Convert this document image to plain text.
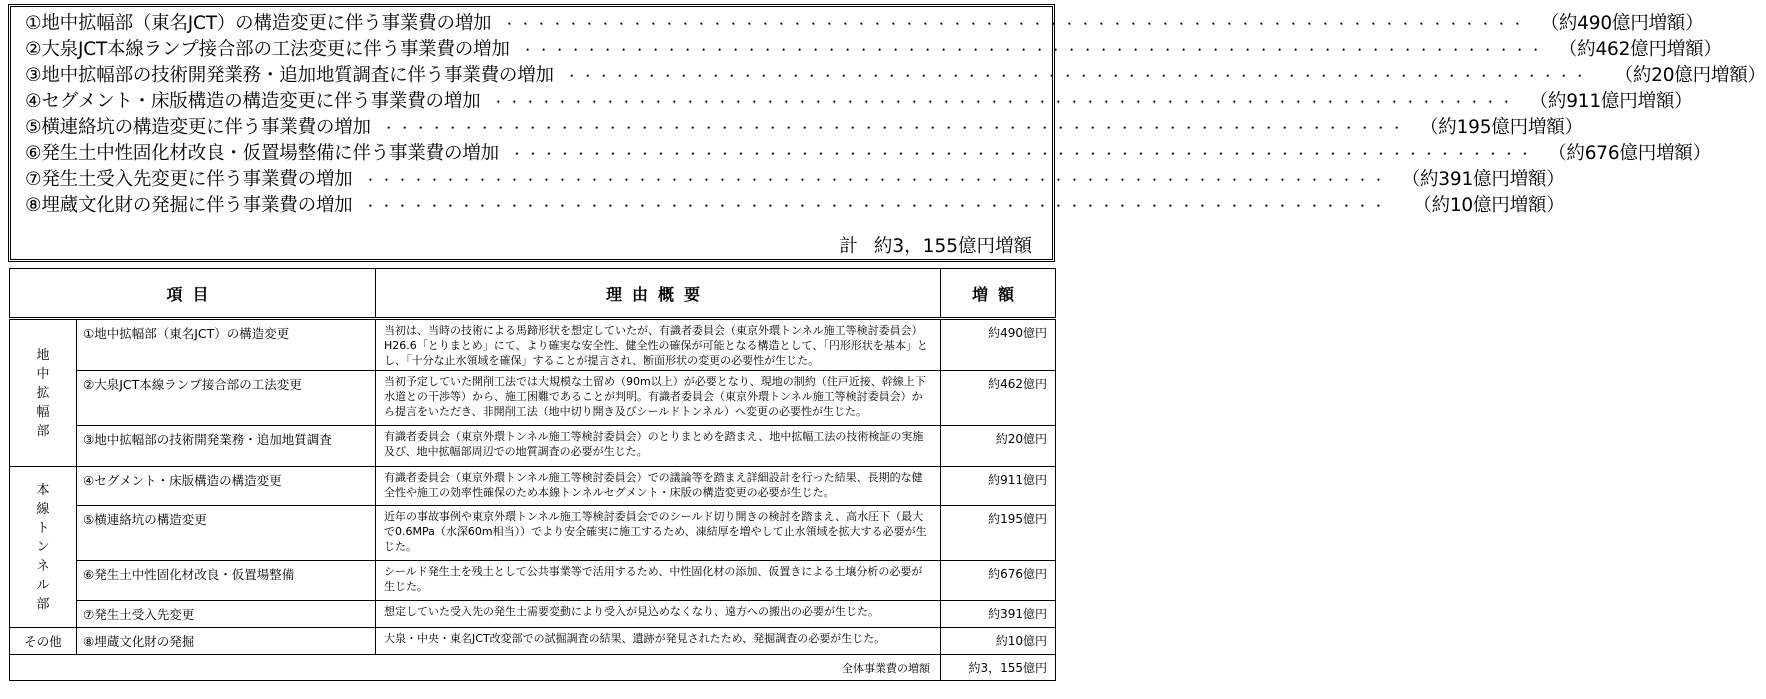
①地中拡幅部（東名JCT）の構造変更に伴う事業費の増加 ・・・・・・・・・・・・・・・・・・・・・・・・・・・・・・・・・・・・・・・・・・・・・・・・・・・・・・・・・・・・・・・・ （約490億円増額）
②大泉JCT本線ランプ接合部の工法変更に伴う事業費の増加 ・・・・・・・・・・・・・・・・・・・・・・・・・・・・・・・・・・・・・・・・・・・・・・・・・・・・・・・・・・・・・・・・ （約462億円増額）
③地中拡幅部の技術開発業務・追加地質調査に伴う事業費の増加 ・・・・・・・・・・・・・・・・・・・・・・・・・・・・・・・・・・・・・・・・・・・・・・・・・・・・・・・・・・・・・・・・	（約20億円増額）
④セグメント・床版構造の構造変更に伴う事業費の増加 ・・・・・・・・・・・・・・・・・・・・・・・・・・・・・・・・・・・・・・・・・・・・・・・・・・・・・・・・・・・・・・・・ （約911億円増額）
⑤横連絡坑の構造変更に伴う事業費の増加 ・・・・・・・・・・・・・・・・・・・・・・・・・・・・・・・・・・・・・・・・・・・・・・・・・・・・・・・・・・・・・・・・ （約195億円増額）
⑥発生土中性固化材改良・仮置場整備に伴う事業費の増加 ・・・・・・・・・・・・・・・・・・・・・・・・・・・・・・・・・・・・・・・・・・・・・・・・・・・・・・・・・・・・・・・・ （約676億円増額）
⑦発生土受入先変更に伴う事業費の増加 ・・・・・・・・・・・・・・・・・・・・・・・・・・・・・・・・・・・・・・・・・・・・・・・・・・・・・・・・・・・・・・・・ （約391億円増額）
⑧埋蔵文化財の発掘に伴う事業費の増加 ・・・・・・・・・・・・・・・・・・・・・・・・・・・・・・・・・・・・・・・・・・・・・・・・・・・・・・・・・・・・・・・・	（約10億円増額）
計 約3，155億円増額
項目		理由概要	増額
地中拡幅部	①地中拡幅部（東名JCT）の構造変更	当初は、当時の技術による馬蹄形状を想定していたが、有識者委員会（東京外環トンネル施工等検討委員会）H26.6「とりまとめ」にて、より確実な安全性、健全性の確保が可能となる構造として、「円形形状を基本」とし、「十分な止水領域を確保」することが提言され、断面形状の変更の必要性が生じた。	約490億円
	②大泉JCT本線ランプ接合部の工法変更	当初予定していた開削工法では大規模な土留め（90m以上）が必要となり、現地の制約（住戸近接、幹線上下水道との干渉等）から、施工困難であることが判明。有識者委員会（東京外環トンネル施工等検討委員会）から提言をいただき、非開削工法（地中切り開き及びシールドトンネル）へ変更の必要性が生じた。	約462億円
	③地中拡幅部の技術開発業務・追加地質調査	有識者委員会（東京外環トンネル施工等検討委員会）のとりまとめを踏まえ、地中拡幅工法の技術検証の実施及び、地中拡幅部周辺での地質調査の必要が生じた。	約20億円
本線トンネル部	④セグメント・床版構造の構造変更	有識者委員会（東京外環トンネル施工等検討委員会）での議論等を踏まえ詳細設計を行った結果、長期的な健全性や施工の効率性確保のため本線トンネルセグメント・床版の構造変更の必要が生じた。	約911億円
	⑤横連絡坑の構造変更	近年の事故事例や東京外環トンネル施工等検討委員会でのシールド切り開きの検討を踏まえ、高水圧下（最大で0.6MPa（水深60m相当））でより安全確実に施工するため、凍結厚を増やして止水領域を拡大する必要が生じた。	約195億円
	⑥発生土中性固化材改良・仮置場整備	シールド発生土を残土として公共事業等で活用するため、中性固化材の添加、仮置きによる土壌分析の必要が生じた。	約676億円
	⑦発生土受入先変更	想定していた受入先の発生土需要変動により受入が見込めなくなり、遠方への搬出の必要が生じた。	約391億円
その他	⑧埋蔵文化財の発掘	大泉・中央・東名JCT改変部での試掘調査の結果、遺跡が発見されたため、発掘調査の必要が生じた。	約10億円
全体事業費の増額			約3，155億円
